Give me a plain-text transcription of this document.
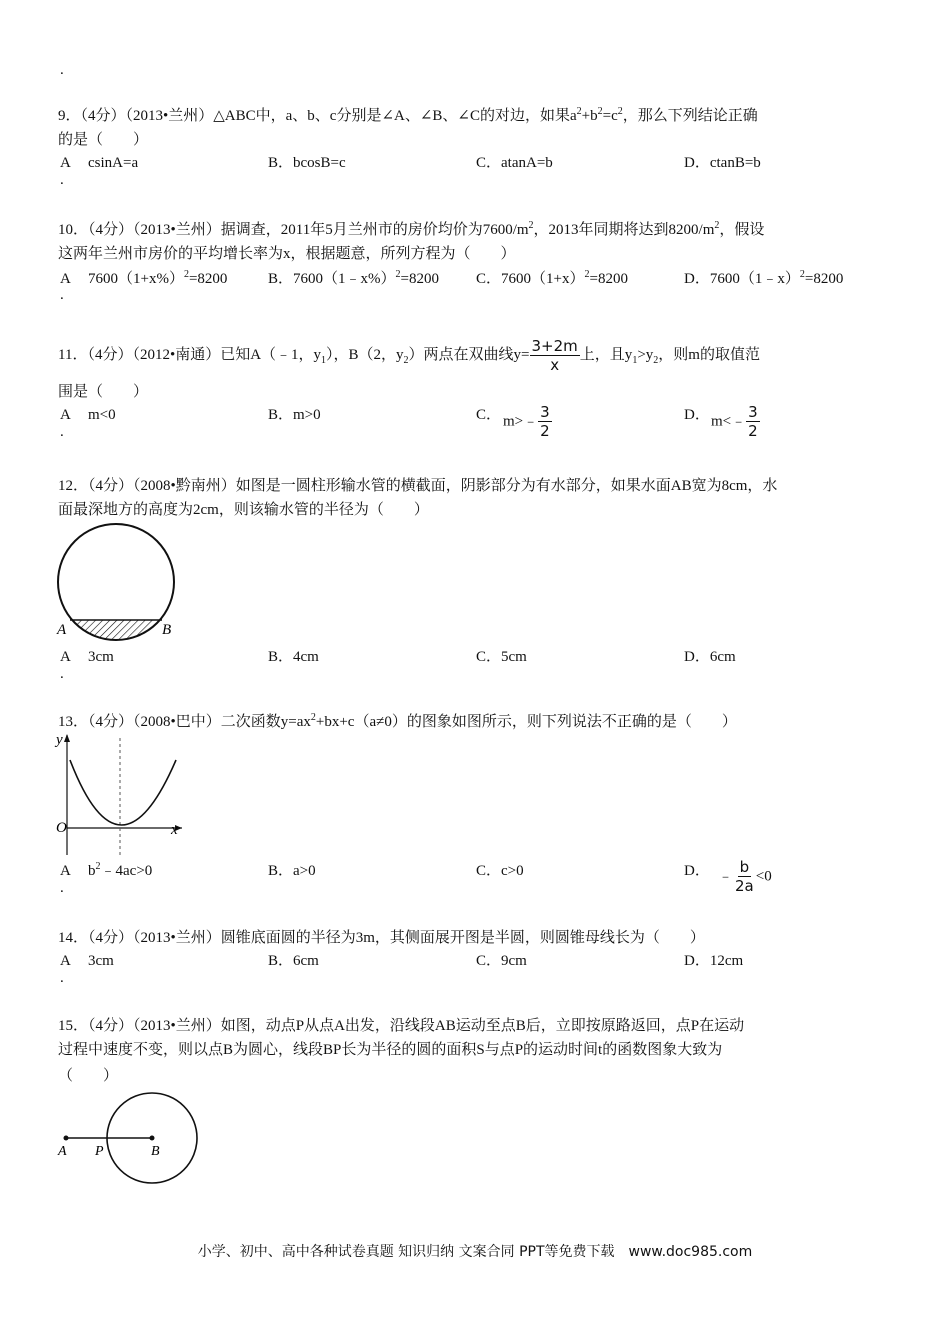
.
9．（4分）（2013•兰州）△ABC中，a、b、c分别是∠A、∠B、∠C的对边，如果$a^2+b^2=c^2$，那么下列结论正确
的是（　　）
A csinA=a	B．bcosB=c	C．atanA=b	D．ctanB=b
.
10．（4分）（2013•兰州）据调查，2011年5月兰州市的房价均价为$7600/m^2$，2013年同期将达到$8200/m^2$，假设
这两年兰州市房价的平均增长率为x，根据题意，所列方程为（　　）
A $7600(1+x\%)^2=8200$	B．7600（1﹣x%）$^2$=8200 C．$7600(1+x)^2=8200$	D．7600（1﹣x）$^2$=8200
.
11．（4分）（2012•南通）已知A（﹣1，$y_1$），B（2，$y_2$）两点在双曲线$y= \frac{3+2m}{x}$ 上，且$y_1>y_2$，则m的取值范
围是（　　）
A m<0	B．m>0	C． m>﹣ $\frac{3}{2}$	D． m<﹣ $\frac{3}{2}$
.
12．（4分）（2008•黔南州）如图是一圆柱形输水管的横截面，阴影部分为有水部分，如果水面AB宽为8cm，水
面最深地方的高度为2cm，则该输水管的半径为（　　）
A	B
A 3cm	B．4cm	C．5cm	D．6cm
.
13．（4分）（2008•巴中）二次函数$y=ax^2+bx+c(a\ne 0)$的图象如图所示，则下列说法不正确的是（　　）
y
O	x
A $b^2﹣4ac>0$	B．a>0	C．c>0	D． ﹣ $\frac{b}{2a} <0$
.
14．（4分）（2013•兰州）圆锥底面圆的半径为3m，其侧面展开图是半圆，则圆锥母线长为（　　）
A 3cm	B．6cm	C．9cm	D．12cm
.
15．（4分）（2013•兰州）如图，动点P从点A出发，沿线段AB运动至点B后，立即按原路返回，点P在运动
过程中速度不变，则以点B为圆心，线段BP长为半径的圆的面积S与点P的运动时间t的函数图象大致为
（　　）
A P	B
小学、初中、高中各种试卷真题 知识归纳 文案合同 PPT等免费下载　www.doc985.com
